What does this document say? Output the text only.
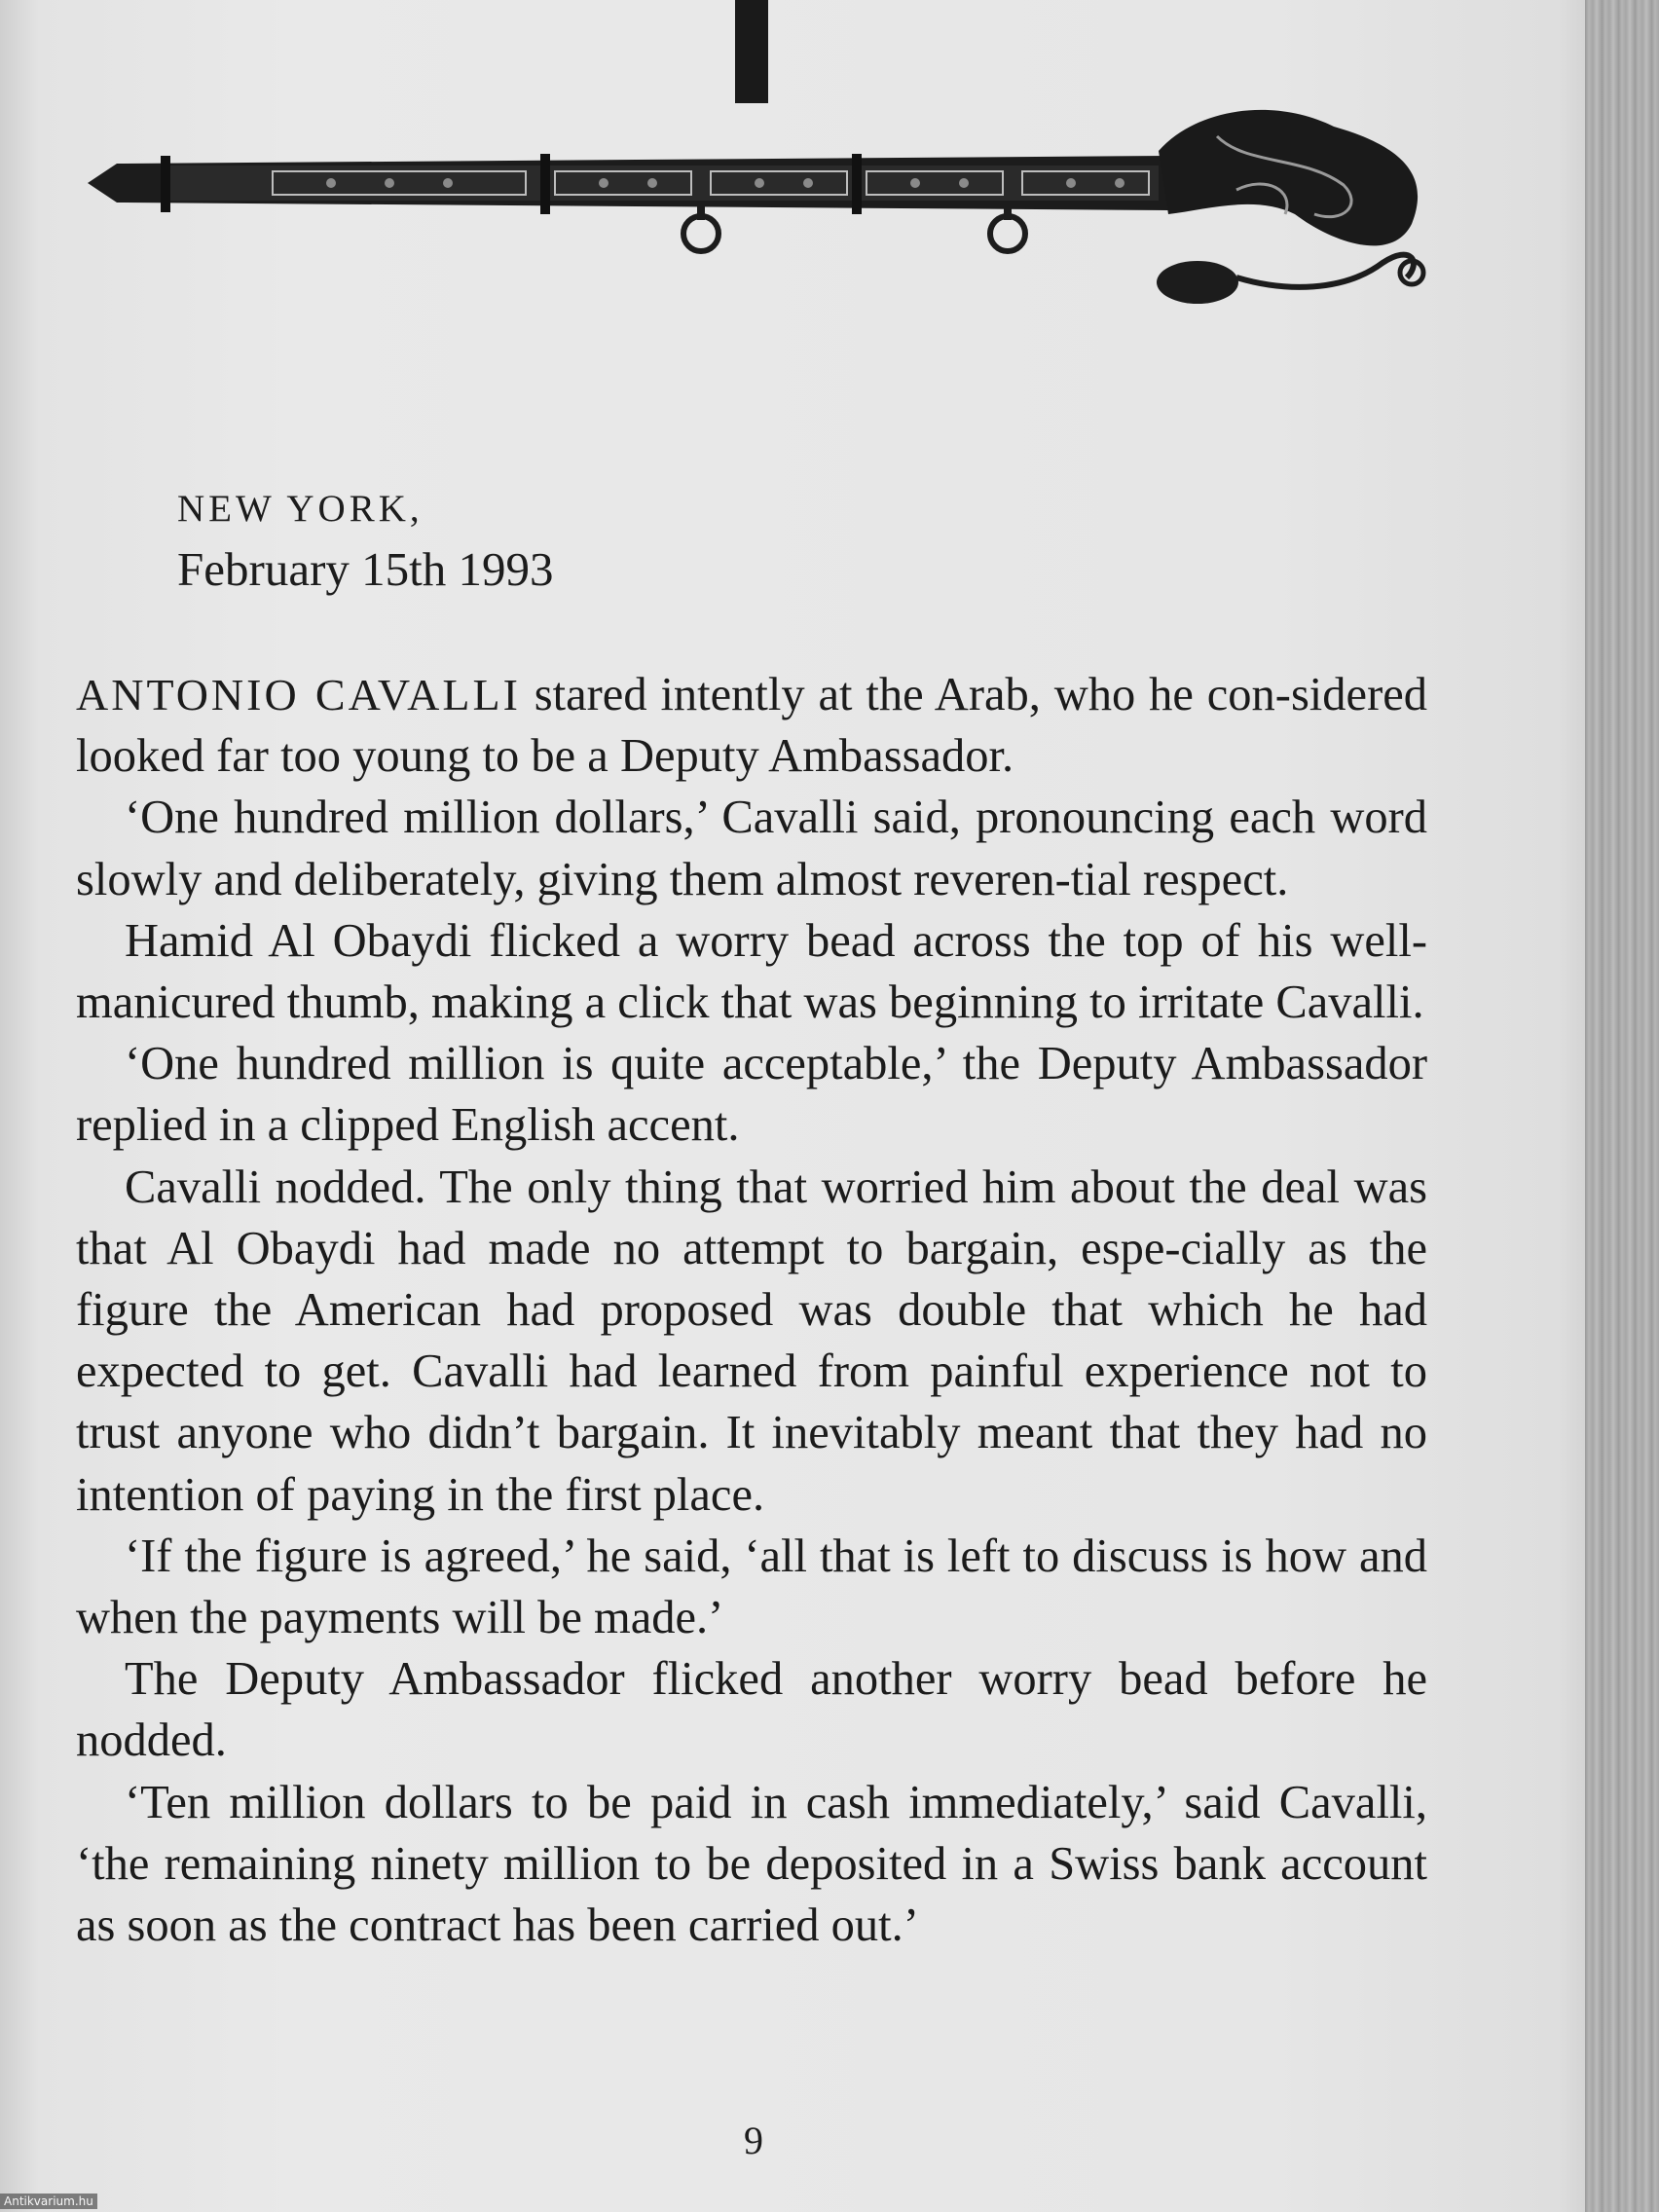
NEW YORK,
February 15th 1993

ANTONIO CAVALLI stared intently at the Arab, who he con-sidered looked far too young to be a Deputy Ambassador.

‘One hundred million dollars,’ Cavalli said, pronouncing each word slowly and deliberately, giving them almost reveren-tial respect.

Hamid Al Obaydi flicked a worry bead across the top of his well-manicured thumb, making a click that was beginning to irritate Cavalli.

‘One hundred million is quite acceptable,’ the Deputy Ambassador replied in a clipped English accent.

Cavalli nodded. The only thing that worried him about the deal was that Al Obaydi had made no attempt to bargain, espe-cially as the figure the American had proposed was double that which he had expected to get. Cavalli had learned from painful experience not to trust anyone who didn’t bargain. It inevitably meant that they had no intention of paying in the first place.

‘If the figure is agreed,’ he said, ‘all that is left to discuss is how and when the payments will be made.’

The Deputy Ambassador flicked another worry bead before he nodded.

‘Ten million dollars to be paid in cash immediately,’ said Cavalli, ‘the remaining ninety million to be deposited in a Swiss bank account as soon as the contract has been carried out.’

9
Antikvarium.hu
